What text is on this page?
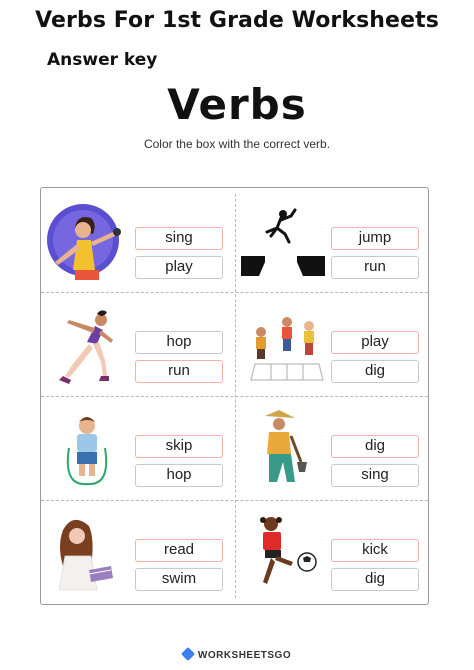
Verbs For 1st Grade Worksheets
Answer key
Verbs
Color the box with the correct verb.
sing
play
jump
run
hop
run
play
dig
skip
hop
dig
sing
read
swim
kick
dig
WORKSHEETSGO
